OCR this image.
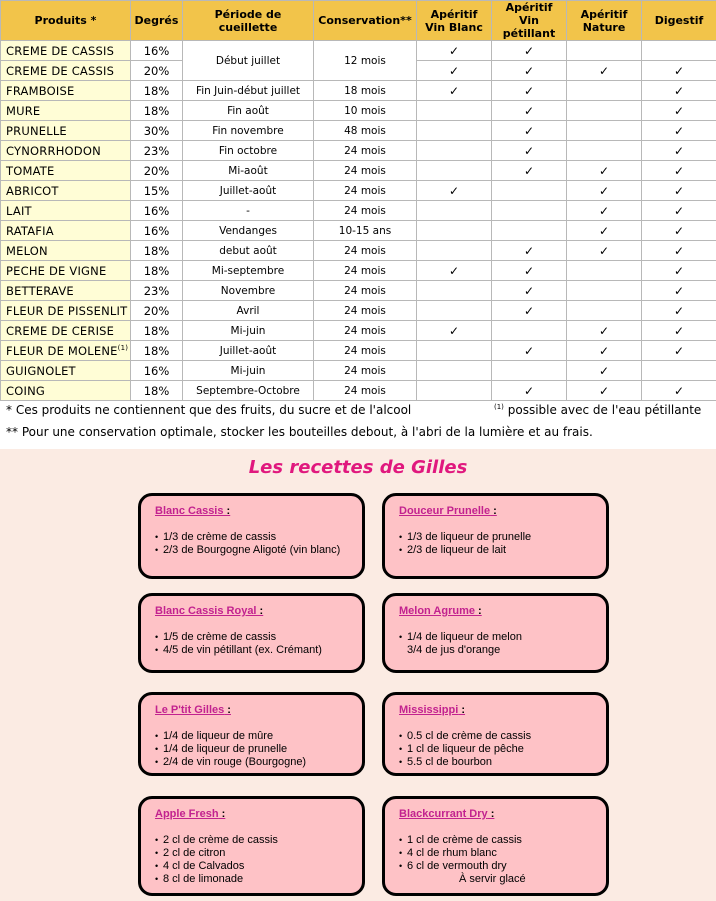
Produits *	Degrés	Période de cueillette	Conservation**	Apéritif Vin Blanc	Apéritif Vin pétillant	Apéritif Nature	Digestif
CREME DE CASSIS	16%	Début juillet	12 mois	✓	✓		
CREME DE CASSIS	20%			✓	✓	✓	✓
FRAMBOISE	18%	Fin Juin-début juillet	18 mois	✓	✓		✓
MURE	18%	Fin août	10 mois		✓		✓
PRUNELLE	30%	Fin novembre	48 mois		✓		✓
CYNORRHODON	23%	Fin octobre	24 mois		✓		✓
TOMATE	20%	Mi-août	24 mois		✓	✓	✓
ABRICOT	15%	Juillet-août	24 mois	✓		✓	✓
LAIT	16%	-	24 mois			✓	✓
RATAFIA	16%	Vendanges	10-15 ans			✓	✓
MELON	18%	debut août	24 mois		✓	✓	✓
PECHE DE VIGNE	18%	Mi-septembre	24 mois	✓	✓		✓
BETTERAVE	23%	Novembre	24 mois		✓		✓
FLEUR DE PISSENLIT	20%	Avril	24 mois		✓		✓
CREME DE CERISE	18%	Mi-juin	24 mois	✓		✓	✓
FLEUR DE MOLENE$^{(1)}$	18%	Juillet-août	24 mois		✓	✓	✓
GUIGNOLET	16%	Mi-juin	24 mois			✓	
COING	18%	Septembre-Octobre	24 mois		✓	✓	✓
* Ces produits ne contiennent que des fruits, du sucre et de l'alcool	$^{(1)}$ possible avec de l'eau pétillante
** Pour une conservation optimale, stocker les bouteilles debout, à l'abri de la lumière et au frais.
Les recettes de Gilles
Blanc Cassis :
• 1/3 de crème de cassis
• 2/3 de Bourgogne Aligoté (vin blanc)
Douceur Prunelle :
• 1/3 de liqueur de prunelle
• 2/3 de liqueur de lait
Blanc Cassis Royal :
• 1/5 de crème de cassis
• 4/5 de vin pétillant (ex. Crémant)
Melon Agrume :
• 1/4 de liqueur de melon
3/4 de jus d'orange
Le P'tit Gilles :
• 1/4 de liqueur de mûre
• 1/4 de liqueur de prunelle
• 2/4 de vin rouge (Bourgogne)
Mississippi :
• 0.5 cl de crème de cassis
• 1 cl de liqueur de pêche
• 5.5 cl de bourbon
Apple Fresh :
• 2 cl de crème de cassis
• 2 cl de citron
• 4 cl de Calvados
• 8 cl de limonade
Blackcurrant Dry :
• 1 cl de crème de cassis
• 4 cl de rhum blanc
• 6 cl de vermouth dry
À servir glacé
